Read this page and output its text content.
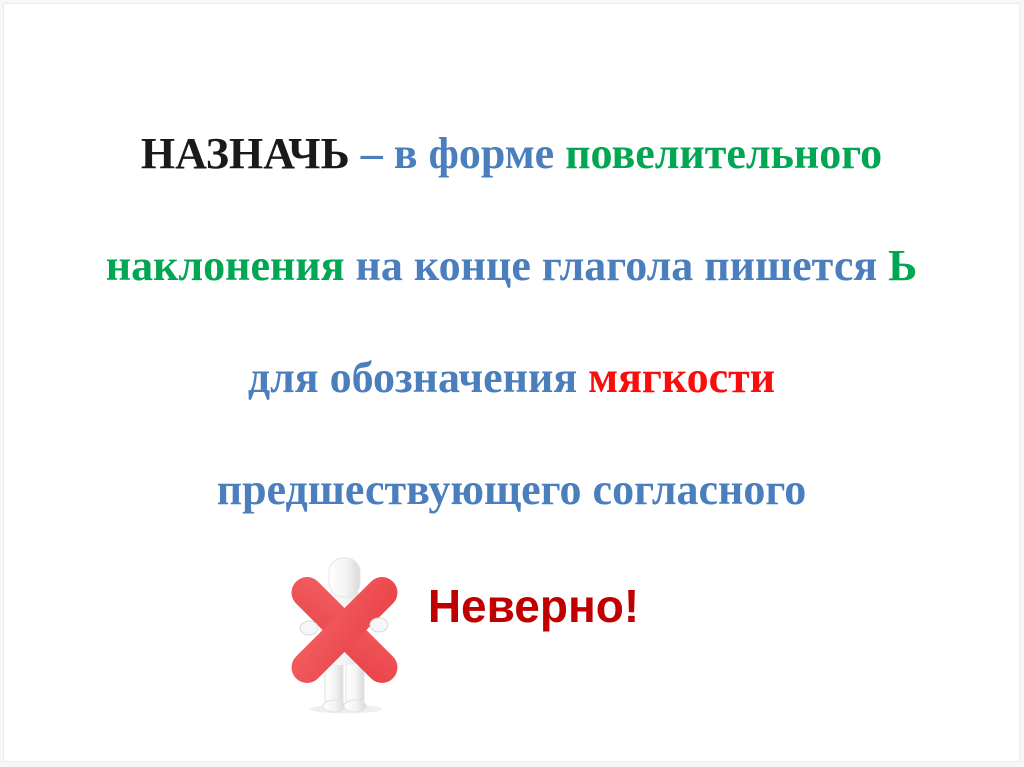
НАЗНАЧЬ – в форме повелительного
наклонения на конце глагола пишется Ь
для обозначения мягкости
предшествующего согласного
Неверно!
